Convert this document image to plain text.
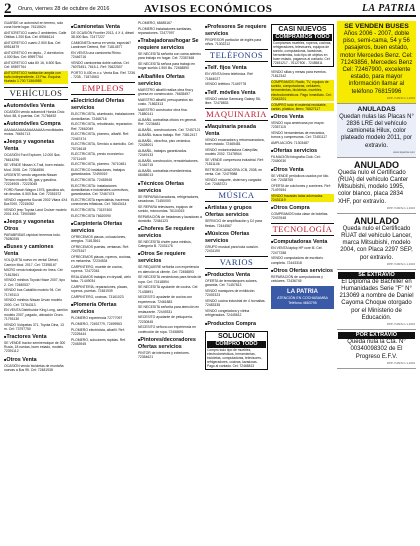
2 Oruro, viernes 28 de octubre de 2016	AVISOS ECONÓMICOS	LA PATRIA
GUARDE un automóvil en terreno, solo zona Norte lugar. 76115624
ANTICRETICO cuarto 2 ambientes. Calle Oblitas 1.200 $us. Cel: 69566114
ANTICRETICO cuarto 2.500 $us. Cel: 69514879
ANTICRETICO en depto., 2 dormitorios 4.000 $us. Cel: 69597764
ANTICRETICO sala 8X 16, 6.500 $us. Cel: 69597764
ANTICRETICO habitación amplia con baño independiente, 13 Pac. Esquina Hurtado 1.700 71564985
VEHÍCULOS
■ Automóviles Venta
OCASIÓN vendo automóvil Honda Civic Mod. 88, 6 puertas. Cel: 71766452
■ Automóviles Compra
AAAAAAAAAAAAAAAAAA movilidades motos. 76651713
■ Jeeps y vagonetas Venta
OCASIÓN Ford Explorer, 12.000 $us. 76614296
SE VENDE Nissan X-Trail, buen estado. Mod. 2008. Cel: 72364856
URGENTE vendo vagoneta Nissan Terrano modelo 96, gas y gasolina. 72224905 - 72223045
FORD Ranch Wagon 1975, gasolina a/c, sin deudas. 6.500 $us. Cel: 72351572
VENDO vagoneta Suzuki 2002 Vitara 4X4 $us7000. 72215052
VENDO jeep Toyota Land Cruiser modelo 2001 4X4. 73900869
■ Jeeps y vagonetas Otros
PARABRISAS rápidos! tenemos todo. 75280255
■ Buses y camiones Venta
VOLQUETA nuevo en venta! Diésel, Camión Mod. 2017. Cel: 72398167
MICRO vendo trabajando en línea. Cel: 71813561
VENDO minibús Toyota Hiace 2007, tipo 2. Cel: 72480537
VENDO bus Caballito modelo 94. Cel: 71749113
VENDO minibús Nissan Urvan modelo 2000. Cel: 73784313
EN VENTA Distribuidor King Long, camión modelo 2007, pagado, ubicación Oruro. 71793130
VENDO Volquetas 371, Toyota Dina, 13 m. Cel: 73797750
■ Tractores Venta
SE VENDE tractor semiremolque de 300 Rusia, 18 ruedas, buen estado, modelo. 72391112
■ Otros Venta
OCASIÓN vendo bicicletas de montaña nuevas a $us 95. Cel: 72481938
■ Camionetas Venta
DE OCASIÓN Frontier 2013, 4 X 4, diésel 38.000 $us. 72477227
CAMIONETA nueva en venta, especial? Landrover Defend, Ref: 71814577
EN VENTA una camioneta Rhino. 72446716
VENDO camionetas doble cabina. Cel: 76075451, 7615-1. Ref: 76622507
PORTO 5.430 m.c.c. Venta $us. Ref. 7236 - 7235 - 71874563
EMPLEOS
■ Electricidad Ofertas servicios
ELECTRICISTA, alumbrado, instalaciones domiciliarias. 72468716
ELECTRICISTA, rebobinado, reparación. Ref: 72662049
ELECTRICISTA, plomero, albañil. Ref: 72467474
ELECTRICISTA, Servicio a domicilio. Cel: 75724618
ELECTRICISTA, precio económico 73711449
ELECTRICISTA, plomero. 76710481
ELECTRICO instalaciones, trabajos garantizados. 72490019
ELECTRICISTA. 72453945
ELECTRICISTA: Instalaciones domiciliarias e industriales correctivos, garantizados. Cel: 72467474
ELECTRICISTA especialista, hacemos conexiones trifásicas. Cel: 76643414
ELECTRICISTA. 73157400
ELECTRICISTA 76620090
■ Carpintería Ofertas servicios
OFRECEMOS placas, colocaciones, arreglos. 71813561
OFRECEMOS puertas, ventanas. Ref: 72475167
OFRECEMOS placas, roperos, cocinas, en melamina. 72234534
CARPINTERO, mueble de cocina, roperos. 72472361
REALIZAMOS trabajos en drywall, cielo falso. 71449034
CARPINTERÍA, reparaciones, placas, roperos, puertas. 72481939
CARPINTERO, cocinas. 73161023
■ Plomería Ofertas servicios
PLOMERO experiencia 72777097
PLOMERO, 72492779, 72499963
PLOMERO electricista, albañil. Ref: 72225444
PLOMERO, soluciones rápidas. Ref. 72453945
PLOMERO, 68485167
PLOMERO instalaciones sanitarias, reparaciones. 72477097
■ Trabajadoras/hogar Se requiere servicios
SE NECESITA señorita con cama adentro para trabajo en hogar. Cel: 72357468
SE NECESITA señora para trabajo en hogar sueldo 1.500 Bs. 72458890
■ Albañiles Ofertas servicios
MAESTRO albañil realiza obra fina y gruesa en construcción. 76635497
MAESTRO albañil, presupuestos sin costo. 71862313
MAESTRO constructor obra fina. 71880141
ALBAÑIL contratista oficios en general. Ref: 72236481
ALBAÑIL, construcciones. Cel: 72457121
ALBAÑIL busca trabajo. Ref: 73812417
ALBAÑIL, obra fina, piso cerámica. 72428001
ALBAÑIL, trabajos garantizados. 72449133
ALBAÑIL construcción, remodelaciones. 71446715
ALBAÑIL contratista revestimientos. 68458013
■ Técnicos Ofertas servicios
SE REPARAN lavadoras, refrigeradores, secadoras. 71450000
SE REPARA televisores, equipos de sonido, microondas. 76104015
REPARACIÓN de heladeras y lavadoras a domicilio. 72461123
■ Choferes Se requiere servicios
SE NECESITA chofer para minibús, Categoría B. 72431176
■ Otros Se requiere servicios
SE REQUIERE señorita con experiencia en atención al cliente. Cel: 72458893
SE NECESITA vendedoras para tienda de ropa. Cel: 72418894
SE NECESITA ayudante de cocina. Cel: 71435891
NECESITO ayudante de cocina con experiencia. 72461883
SE NECESITA señorita para atención en restaurante. 72449331
NECESITO ayudante de peluquería. 72230845
NECESITO señora con experiencia en confección de ropa. 72458891
■ Pintores/decoradores Ofertas servicios
PINTOR de interiores y exteriores. 72354621
■ Profesores Se requiere servicios
PROFESOR particular de inglés para niños. 71302212
TELÉFONOS
■ Telf. fijos Venta
EN VENTA línea telefónica. Ref: 71844027
VENDO teléfono 71449778
■ Telf. móviles Venta
VENDO celular Samsung Galaxy S6, libre. 72478833
MAQUINARIA
■ Maquinaria pesada Venta
VENDO excavadora y retroexcavadora, buen estado. 72465481
VENDO motoniveladora Caterpillar, modelo 2002. 72478944
SE VENDE compresora industrial. Ref: 71811146
RETROEXCAVADORA JCB, 2008, en venta. Cel: 72479988
VENDO volquete, cisterna y cargador. Cel: 72483721
MÚSICA
■ Artistas y grupos Ofertas servicios
SERVICIO de amplificación y DJ para fiestas. 72444567
■ Músicos Ofertas servicios
GRUPO musical para toda ocasión. 72431190
VARIOS
■ Productos Venta
OFERTA de termotanques solares, garantía. Cel: 71457813
VENDO maniquíes de exhibición. 72492323
VENDO cocina industrial de 4 hornallas. 72483335
VENDO congeladora y vitrina refrigeradora. 72445612
■ Productos Compra
SOLUCIÓN
COMPRO TODO
Compro todo tipo de muebles, electrodomésticos, herramientas, bicicletas, computadoras, televisores, refrigeradores, cocinas, lavadoras. Pago al contado. Cel: 72468813
CASI NUEVOS
COMPRAMOS TODO
Compramos muebles, roperos, cocinas, refrigeradores, televisores, equipos de sonido, computadoras, lavadoras, herramientas, todo tipo de objetos en buen estado, pagamos al contado. Cel: 72451217 - 76127500 - 72455811
VENDO sillas y mesas para eventos. 71812342
COMPRAMOS: Radio, TV, equipos de sonido, computadoras, celulares, herramientas, bicicletas, muebles, electrodomésticos. Pago inmediato. Cel: 72442201
COMPRO todo el material reciclable, cartón, plástico, fierro. 76627117
■ Otros Venta
VENDO ropa americana por mayor. 72357115
VENDO herramientas de mecánica, tornos y compresoras. Cel: 72451117
AMPLIACIÓN: 71303487
■ Ofertas servicios
FILMACIÓN fotografía Club. Cel: 72450030
■ Otros Venta
SE VENDE periódicos usados por kilo. Cel: 72438765
OFERTA de colchones y somieres. Ref: 71497654
VENDO frazadas tatas adornadas. 72431119
■ Otros Compra
COMPRAMOS toda clase de botellas. 72437648
TECNOLOGÍA
■ Computadoras Venta
EN VENTA laptop HP core i5. Cel: 72477288
VENDO computadora de escritorio completa. 72443318
■ Otros Ofertas servicios
REPARACIÓN de computadoras y celulares. 72436745
LA PATRIA
ATENCIÓN EN COCHABAMBA
Teléfono 4663795
SE VENDEN BUSES
Años 2006 - 2007, doble piso, semi-cama, 54 y 56 pasajeros, buen estado, motor Mercedes Benz. Cel: 71243856, Mercedes Benz Cel: 72467900, excelente estado, para mayor información llamar al teléfono 76815996
DPP-YHSNV-1.1,2016
ANULADAS
Quedan nulas las Placas N° 2836 LRE del vehículo camioneta Hilux, color plateado modelo 2011, por extravío.
www.lapatria.com
ANULADO
Queda nulo el Certificado (RUA) del vehículo Canter Mitsubishi, modelo 1995, color blanco, placa 2834 XHF, por extravío.
DPP-YHSNV-1.1,2016
ANULADO
Queda nulo el Certificado RUAT del vehículo Lancer, marca Mitsubishi, modelo 2004, con Placa 2297 SEP, por extravío.
DPP-YHSNV-1.1,2016
SE EXTRAVIÓ
El Diploma de Bachiller en Humanidades Serie "F" N° 213069 a nombre de Daniel Cayoma Choque otorgado por el Ministerio de Educación.
DPP-YHSNV-1.1,2016
POR EXTRAVÍO
Queda nula la Cta. N° 00340098302 de El Progreso E.F.V.
DPP-YHSNV-1.1,2016
